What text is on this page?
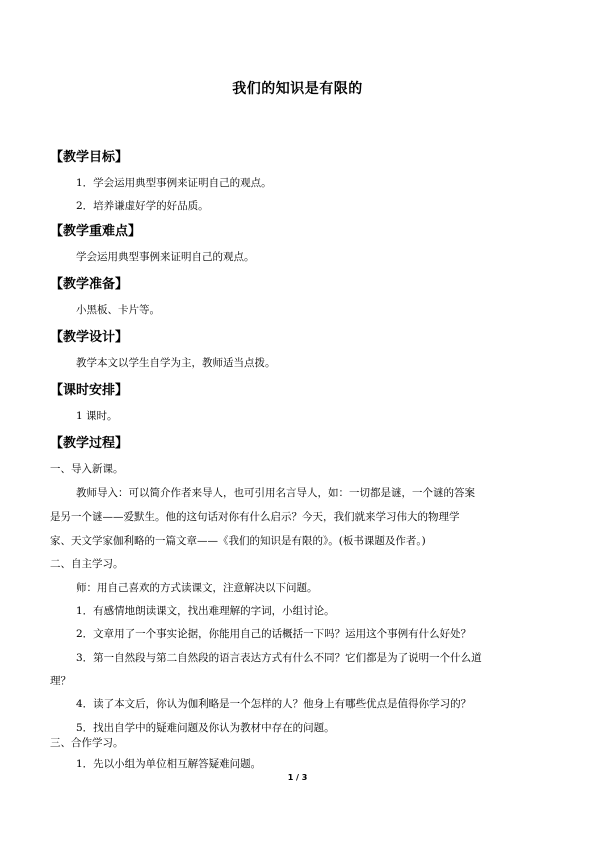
我们的知识是有限的
【教学目标】
1．学会运用典型事例来证明自己的观点。
2．培养谦虚好学的好品质。
【教学重难点】
学会运用典型事例来证明自己的观点。
【教学准备】
小黑板、卡片等。
【教学设计】
教学本文以学生自学为主，教师适当点拨。
【课时安排】
1 课时。
【教学过程】
一、导入新课。
教师导入：可以简介作者来导人，也可引用名言导人，如：一切都是谜，一个谜的答案
是另一个谜——爱默生。他的这句话对你有什么启示？今天，我们就来学习伟大的物理学
家、天文学家伽利略的一篇文章——《我们的知识是有限的》。(板书课题及作者。)
二、自主学习。
师：用自己喜欢的方式读课文，注意解决以下问题。
1．有感情地朗读课文，找出难理解的字词，小组讨论。
2．文章用了一个事实论据，你能用自己的话概括一下吗？运用这个事例有什么好处？
3．第一自然段与第二自然段的语言表达方式有什么不同？它们都是为了说明一个什么道
理？
4．读了本文后，你认为伽利略是一个怎样的人？他身上有哪些优点是值得你学习的？
5．找出自学中的疑难问题及你认为教材中存在的问题。
三、合作学习。
1 / 3
1．先以小组为单位相互解答疑难问题。
